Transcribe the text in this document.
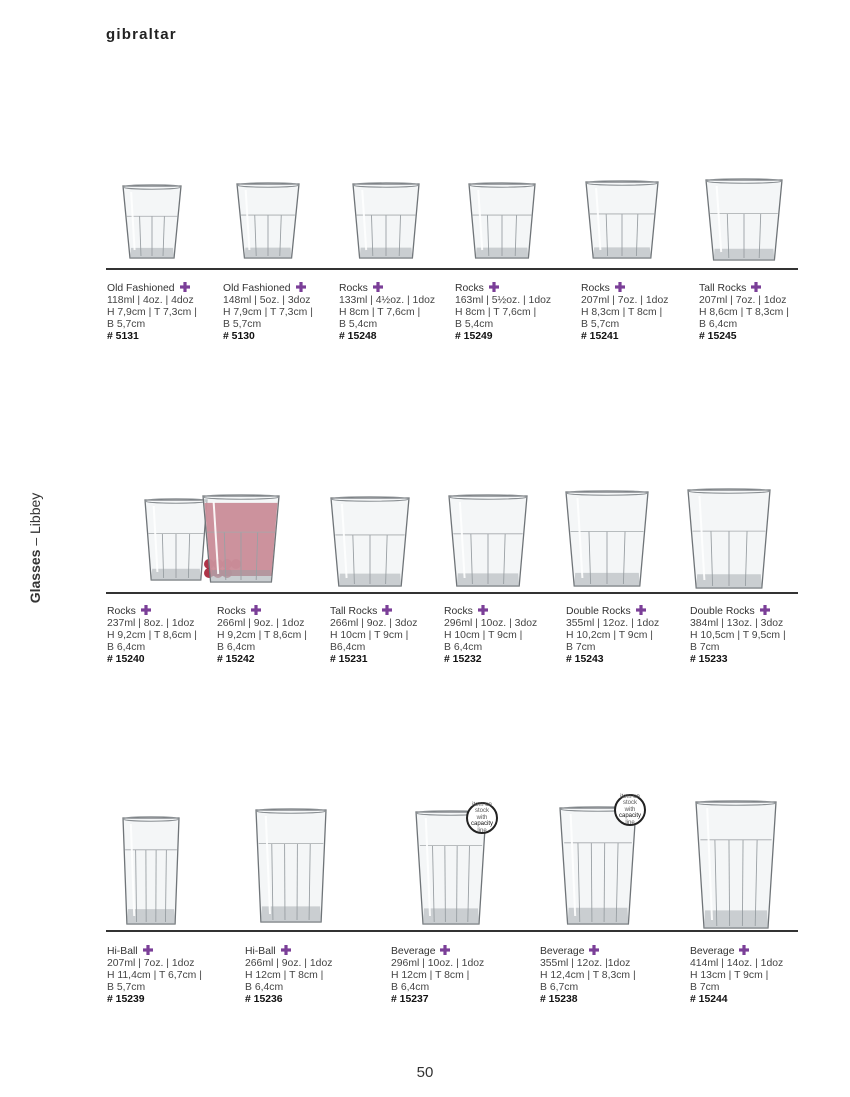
gibraltar
Glasses – Libbey
Old Fashioned
118ml | 4oz. | 4doz
H 7,9cm | T 7,3cm |
B 5,7cm
# 5131
Old Fashioned
148ml | 5oz. | 3doz
H 7,9cm | T 7,3cm |
B 5,7cm
# 5130
Rocks
133ml | 4½oz. | 1doz
H 8cm | T 7,6cm |
B 5,4cm
# 15248
Rocks
163ml | 5½oz. | 1doz
H 8cm | T 7,6cm |
B 5,4cm
# 15249
Rocks
207ml | 7oz. | 1doz
H 8,3cm | T 8cm |
B 5,7cm
# 15241
Tall Rocks
207ml | 7oz. | 1doz
H 8,6cm | T 8,3cm |
B 6,4cm
# 15245
Rocks
237ml | 8oz. | 1doz
H 9,2cm | T 8,6cm |
B 6,4cm
# 15240
Rocks
266ml | 9oz. | 1doz
H 9,2cm | T 8,6cm |
B 6,4cm
# 15242
Tall Rocks
266ml | 9oz. | 3doz
H 10cm | T 9cm |
B6,4cm
# 15231
Rocks
296ml | 10oz. | 3doz
H 10cm | T 9cm |
B 6,4cm
# 15232
Double Rocks
355ml | 12oz. | 1doz
H 10,2cm | T 9cm |
B 7cm
# 15243
Double Rocks
384ml | 13oz. | 3doz
H 10,5cm | T 9,5cm |
B 7cm
# 15233
item on
stock with
capacity
line
item on
stock with
capacity
line
Hi-Ball
207ml | 7oz. | 1doz
H 11,4cm | T 6,7cm |
B 5,7cm
# 15239
Hi-Ball
266ml | 9oz. | 1doz
H 12cm | T 8cm |
B 6,4cm
# 15236
Beverage
296ml | 10oz. | 1doz
H 12cm | T 8cm |
B 6,4cm
# 15237
Beverage
355ml | 12oz. |1doz
H 12,4cm | T 8,3cm |
B 6,7cm
# 15238
Beverage
414ml | 14oz. | 1doz
H 13cm | T 9cm |
B 7cm
# 15244
50
